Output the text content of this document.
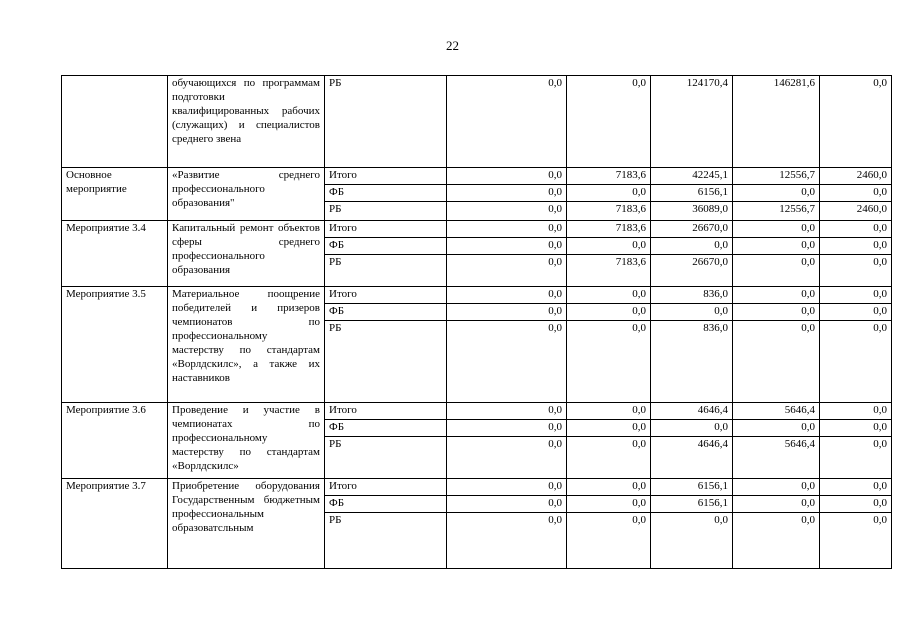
22
	обучающихся по программам подготовки квалифицированных рабочих (служащих) и специалистов среднего звена	РБ	0,0	0,0	124170,4	146281,6	0,0
Основное мероприятие	«Развитие среднего профессионального образования"	Итого	0,0	7183,6	42245,1	12556,7	2460,0
		ФБ	0,0	0,0	6156,1	0,0	0,0
		РБ	0,0	7183,6	36089,0	12556,7	2460,0
Мероприятие 3.4	Капитальный ремонт объектов сферы среднего профессионального образования	Итого	0,0	7183,6	26670,0	0,0	0,0
		ФБ	0,0	0,0	0,0	0,0	0,0
		РБ	0,0	7183,6	26670,0	0,0	0,0
Мероприятие 3.5	Материальное поощрение победителей и призеров чемпионатов по профессиональному мастерству по стандартам «Ворлдскилс», а также их наставников	Итого	0,0	0,0	836,0	0,0	0,0
		ФБ	0,0	0,0	0,0	0,0	0,0
		РБ	0,0	0,0	836,0	0,0	0,0
Мероприятие 3.6	Проведение и участие в чемпионатах по профессиональному мастерству по стандартам «Ворлдскилс»	Итого	0,0	0,0	4646,4	5646,4	0,0
		ФБ	0,0	0,0	0,0	0,0	0,0
		РБ	0,0	0,0	4646,4	5646,4	0,0
Мероприятие 3.7	Приобретение оборудования Государственным бюджетным профессиональным образоватсльным	Итого	0,0	0,0	6156,1	0,0	0,0
		ФБ	0,0	0,0	6156,1	0,0	0,0
		РБ	0,0	0,0	0,0	0,0	0,0
